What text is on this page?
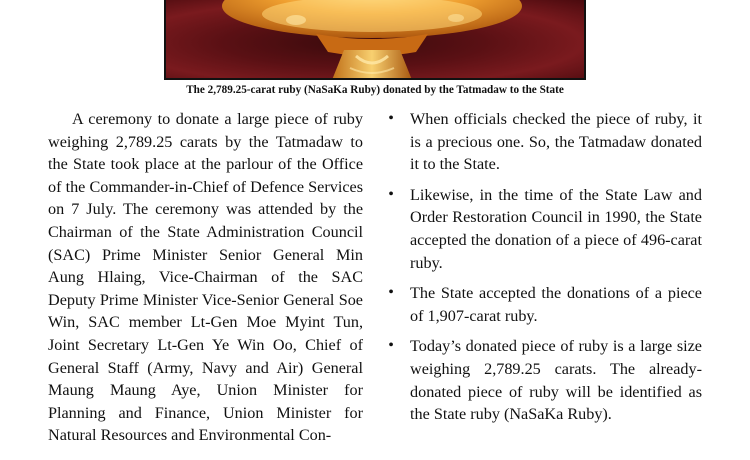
The 2,789.25-carat ruby (NaSaKa Ruby) donated by the Tatmadaw to the State

A ceremony to donate a large piece of ruby weighing 2,789.25 carats by the Tatmadaw to the State took place at the parlour of the Office of the Commander-in-Chief of Defence Services on 7 July. The ceremony was attended by the Chairman of the State Administration Council (SAC) Prime Minister Senior General Min Aung Hlaing, Vice-Chairman of the SAC Deputy Prime Minister Vice-Senior General Soe Win, SAC member Lt-Gen Moe Myint Tun, Joint Secretary Lt-Gen Ye Win Oo, Chief of General Staff (Army, Navy and Air) General Maung Maung Aye, Union Minister for Planning and Finance, Union Minister for Natural Resources and Environmental Con-

• When officials checked the piece of ruby, it is a precious one. So, the Tatmadaw donated it to the State.
• Likewise, in the time of the State Law and Order Restoration Council in 1990, the State accepted the donation of a piece of 496-carat ruby.
• The State accepted the donations of a piece of 1,907-carat ruby.
• Today’s donated piece of ruby is a large size weighing 2,789.25 carats. The already-donated piece of ruby will be identified as the State ruby (NaSaKa Ruby).
